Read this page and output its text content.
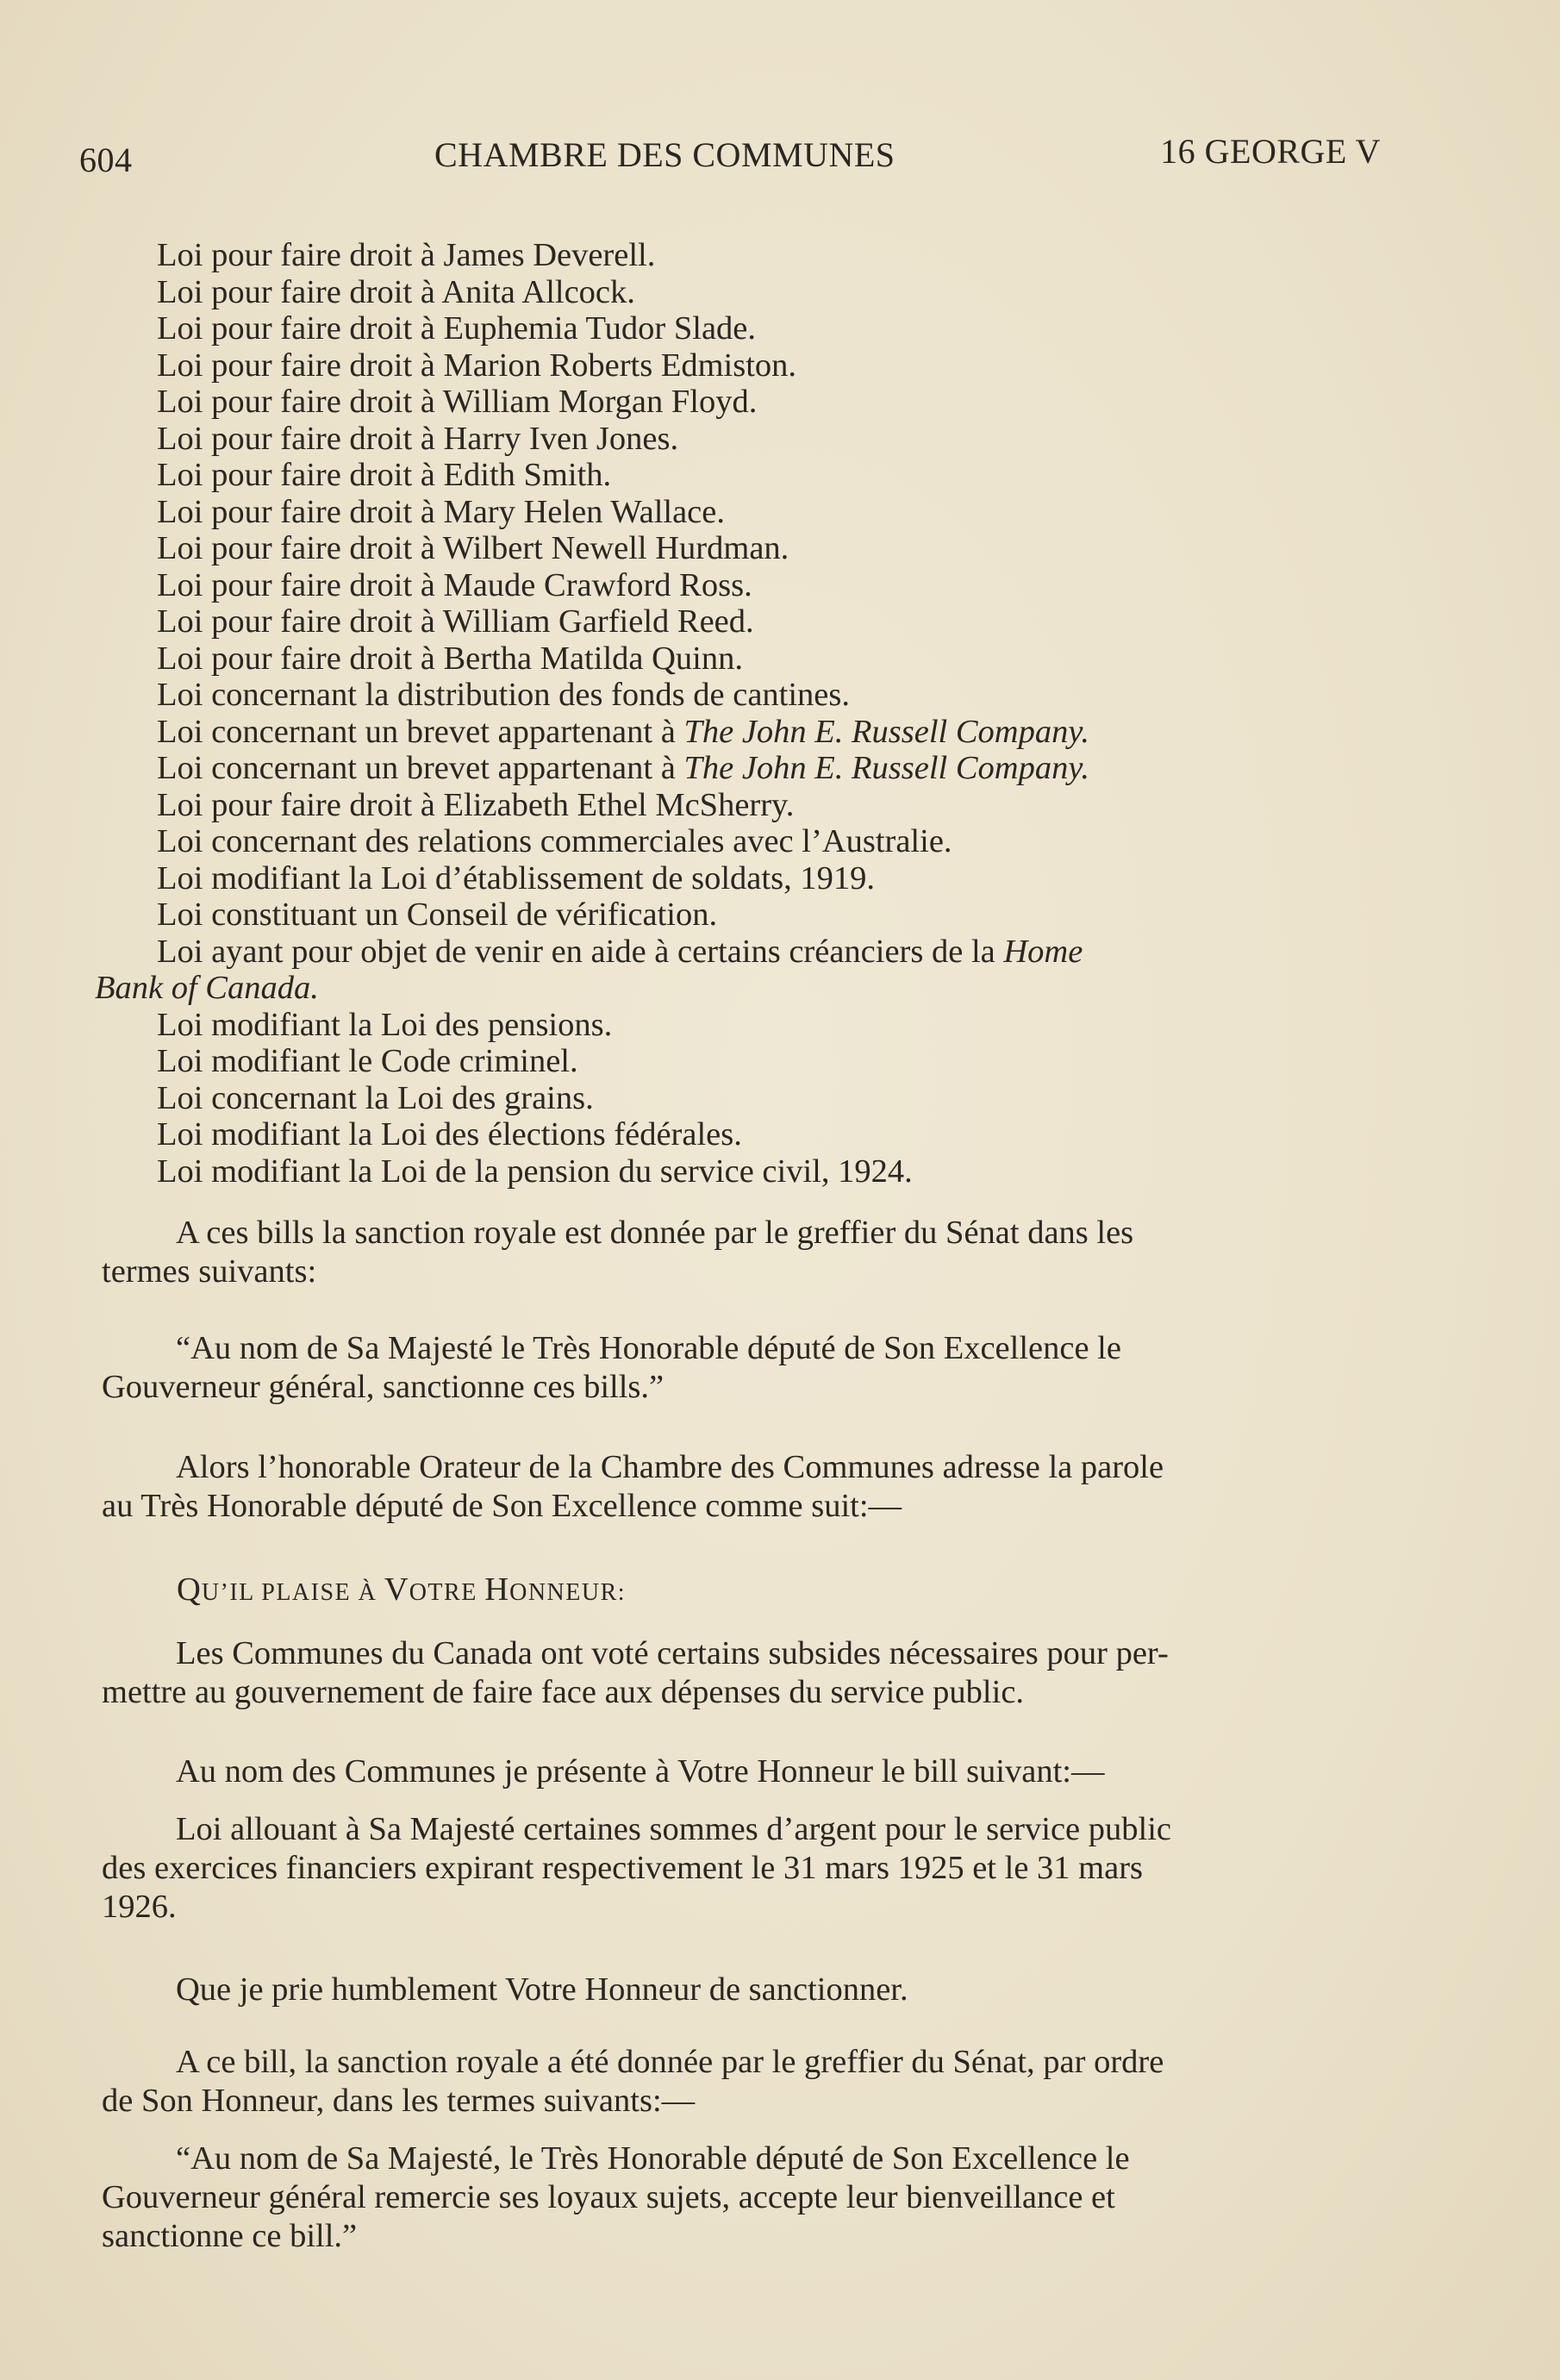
604	CHAMBRE DES COMMUNES	16 GEORGE V
Loi pour faire droit à James Deverell.
Loi pour faire droit à Anita Allcock.
Loi pour faire droit à Euphemia Tudor Slade.
Loi pour faire droit à Marion Roberts Edmiston.
Loi pour faire droit à William Morgan Floyd.
Loi pour faire droit à Harry Iven Jones.
Loi pour faire droit à Edith Smith.
Loi pour faire droit à Mary Helen Wallace.
Loi pour faire droit à Wilbert Newell Hurdman.
Loi pour faire droit à Maude Crawford Ross.
Loi pour faire droit à William Garfield Reed.
Loi pour faire droit à Bertha Matilda Quinn.
Loi concernant la distribution des fonds de cantines.
Loi concernant un brevet appartenant à The John E. Russell Company.
Loi concernant un brevet appartenant à The John E. Russell Company.
Loi pour faire droit à Elizabeth Ethel McSherry.
Loi concernant des relations commerciales avec l’Australie.
Loi modifiant la Loi d’établissement de soldats, 1919.
Loi constituant un Conseil de vérification.
Loi ayant pour objet de venir en aide à certains créanciers de la Home
Bank of Canada.
Loi modifiant la Loi des pensions.
Loi modifiant le Code criminel.
Loi concernant la Loi des grains.
Loi modifiant la Loi des élections fédérales.
Loi modifiant la Loi de la pension du service civil, 1924.
A ces bills la sanction royale est donnée par le greffier du Sénat dans les
termes suivants:
“Au nom de Sa Majesté le Très Honorable député de Son Excellence le
Gouverneur général, sanctionne ces bills.”
Alors l’honorable Orateur de la Chambre des Communes adresse la parole
au Très Honorable député de Son Excellence comme suit:—
QU’IL PLAISE À VOTRE HONNEUR:
Les Communes du Canada ont voté certains subsides nécessaires pour per-
mettre au gouvernement de faire face aux dépenses du service public.
Au nom des Communes je présente à Votre Honneur le bill suivant:—
Loi allouant à Sa Majesté certaines sommes d’argent pour le service public
des exercices financiers expirant respectivement le 31 mars 1925 et le 31 mars
1926.
Que je prie humblement Votre Honneur de sanctionner.
A ce bill, la sanction royale a été donnée par le greffier du Sénat, par ordre
de Son Honneur, dans les termes suivants:—
“Au nom de Sa Majesté, le Très Honorable député de Son Excellence le
Gouverneur général remercie ses loyaux sujets, accepte leur bienveillance et
sanctionne ce bill.”
